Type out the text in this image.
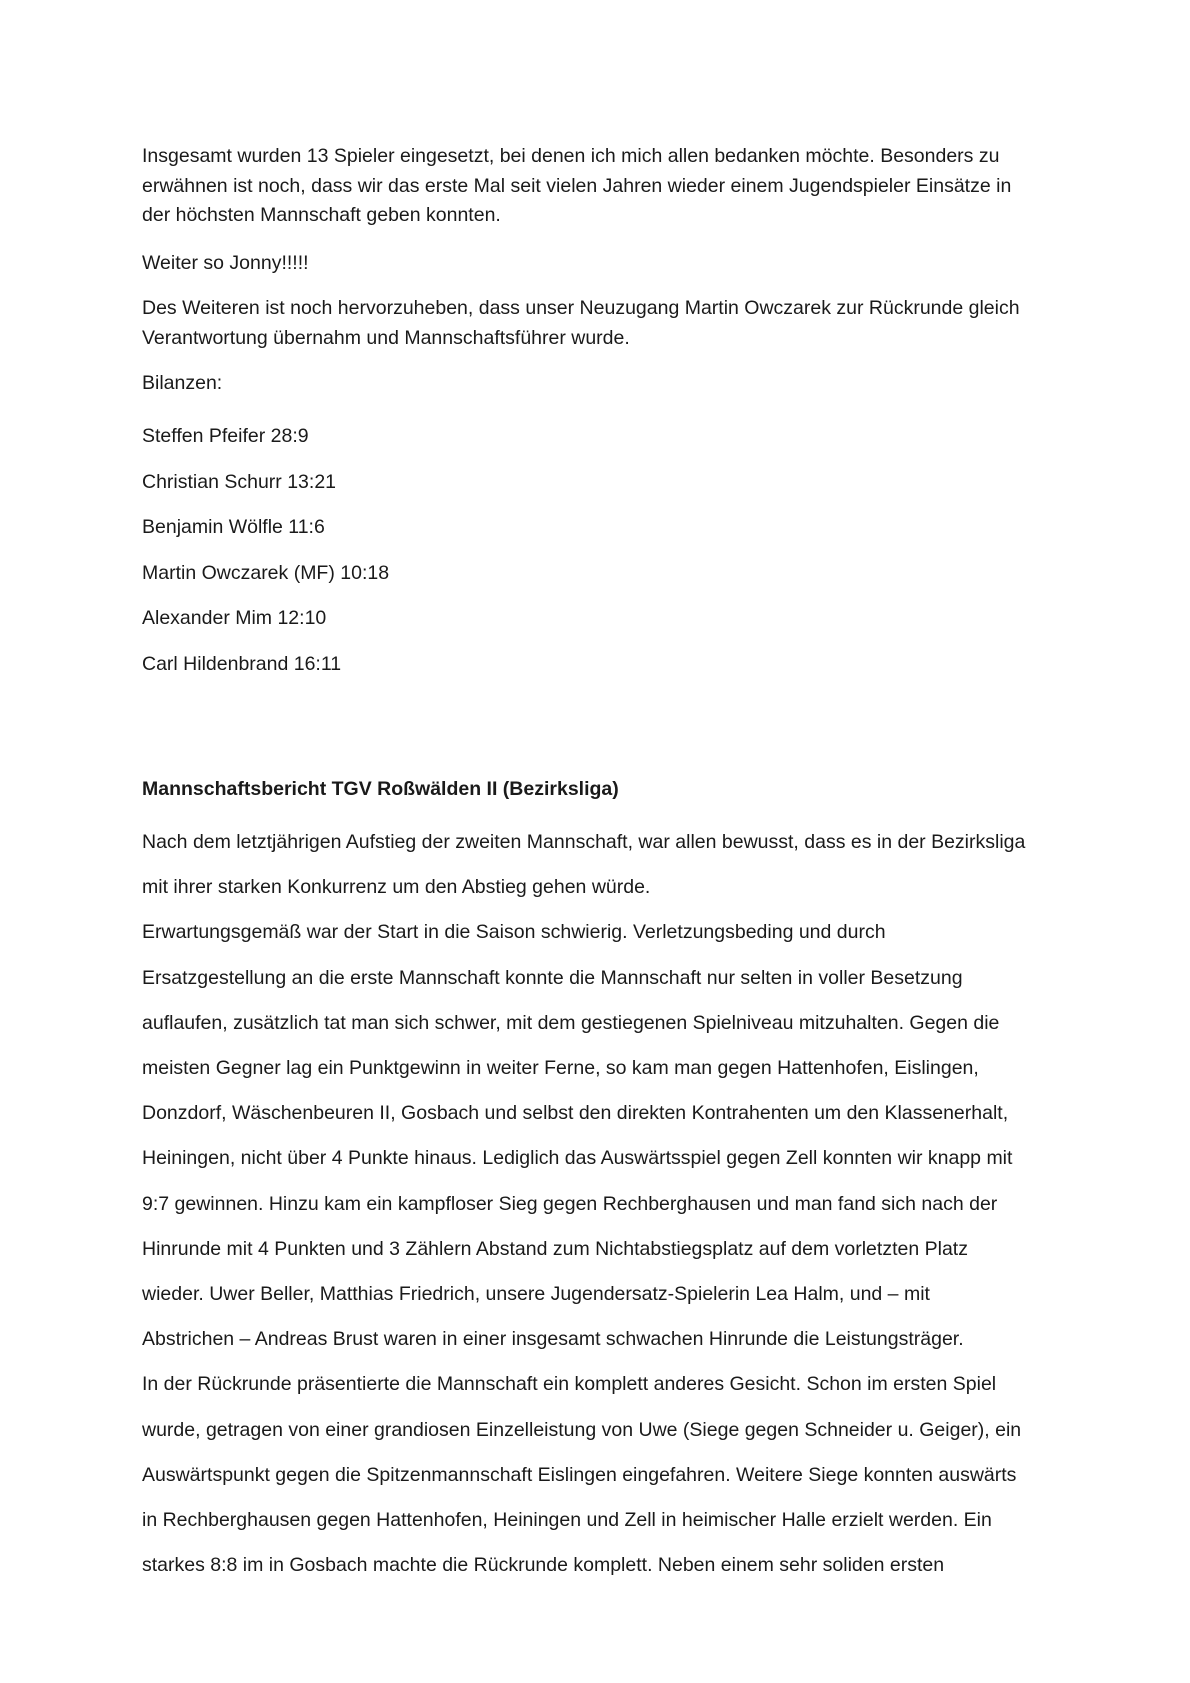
Insgesamt wurden 13 Spieler eingesetzt, bei denen ich mich allen bedanken möchte. Besonders zu
erwähnen ist noch, dass wir das erste Mal seit vielen Jahren wieder einem Jugendspieler Einsätze in
der höchsten Mannschaft geben konnten.

Weiter so Jonny!!!!!

Des Weiteren ist noch hervorzuheben, dass unser Neuzugang Martin Owczarek zur Rückrunde gleich
Verantwortung übernahm und Mannschaftsführer wurde.

Bilanzen:

Steffen Pfeifer 28:9
Christian Schurr 13:21
Benjamin Wölfle 11:6
Martin Owczarek (MF) 10:18
Alexander Mim 12:10
Carl Hildenbrand 16:11
Mannschaftsbericht TGV Roßwälden II (Bezirksliga)
Nach dem letztjährigen Aufstieg der zweiten Mannschaft, war allen bewusst, dass es in der Bezirksliga
mit ihrer starken Konkurrenz um den Abstieg gehen würde.
Erwartungsgemäß war der Start in die Saison schwierig. Verletzungsbeding und durch
Ersatzgestellung an die erste Mannschaft konnte die Mannschaft nur selten in voller Besetzung
auflaufen, zusätzlich tat man sich schwer, mit dem gestiegenen Spielniveau mitzuhalten. Gegen die
meisten Gegner lag ein Punktgewinn in weiter Ferne, so kam man gegen Hattenhofen, Eislingen,
Donzdorf, Wäschenbeuren II, Gosbach und selbst den direkten Kontrahenten um den Klassenerhalt,
Heiningen, nicht über 4 Punkte hinaus. Lediglich das Auswärtsspiel gegen Zell konnten wir knapp mit
9:7 gewinnen. Hinzu kam ein kampfloser Sieg gegen Rechberghausen und man fand sich nach der
Hinrunde mit 4 Punkten und 3 Zählern Abstand zum Nichtabstiegsplatz auf dem vorletzten Platz
wieder. Uwer Beller, Matthias Friedrich, unsere Jugendersatz-Spielerin Lea Halm, und – mit
Abstrichen – Andreas Brust waren in einer insgesamt schwachen Hinrunde die Leistungsträger.
In der Rückrunde präsentierte die Mannschaft ein komplett anderes Gesicht. Schon im ersten Spiel
wurde, getragen von einer grandiosen Einzelleistung von Uwe (Siege gegen Schneider u. Geiger), ein
Auswärtspunkt gegen die Spitzenmannschaft Eislingen eingefahren. Weitere Siege konnten auswärts
in Rechberghausen gegen Hattenhofen, Heiningen und Zell in heimischer Halle erzielt werden. Ein
starkes 8:8 im in Gosbach machte die Rückrunde komplett. Neben einem sehr soliden ersten
